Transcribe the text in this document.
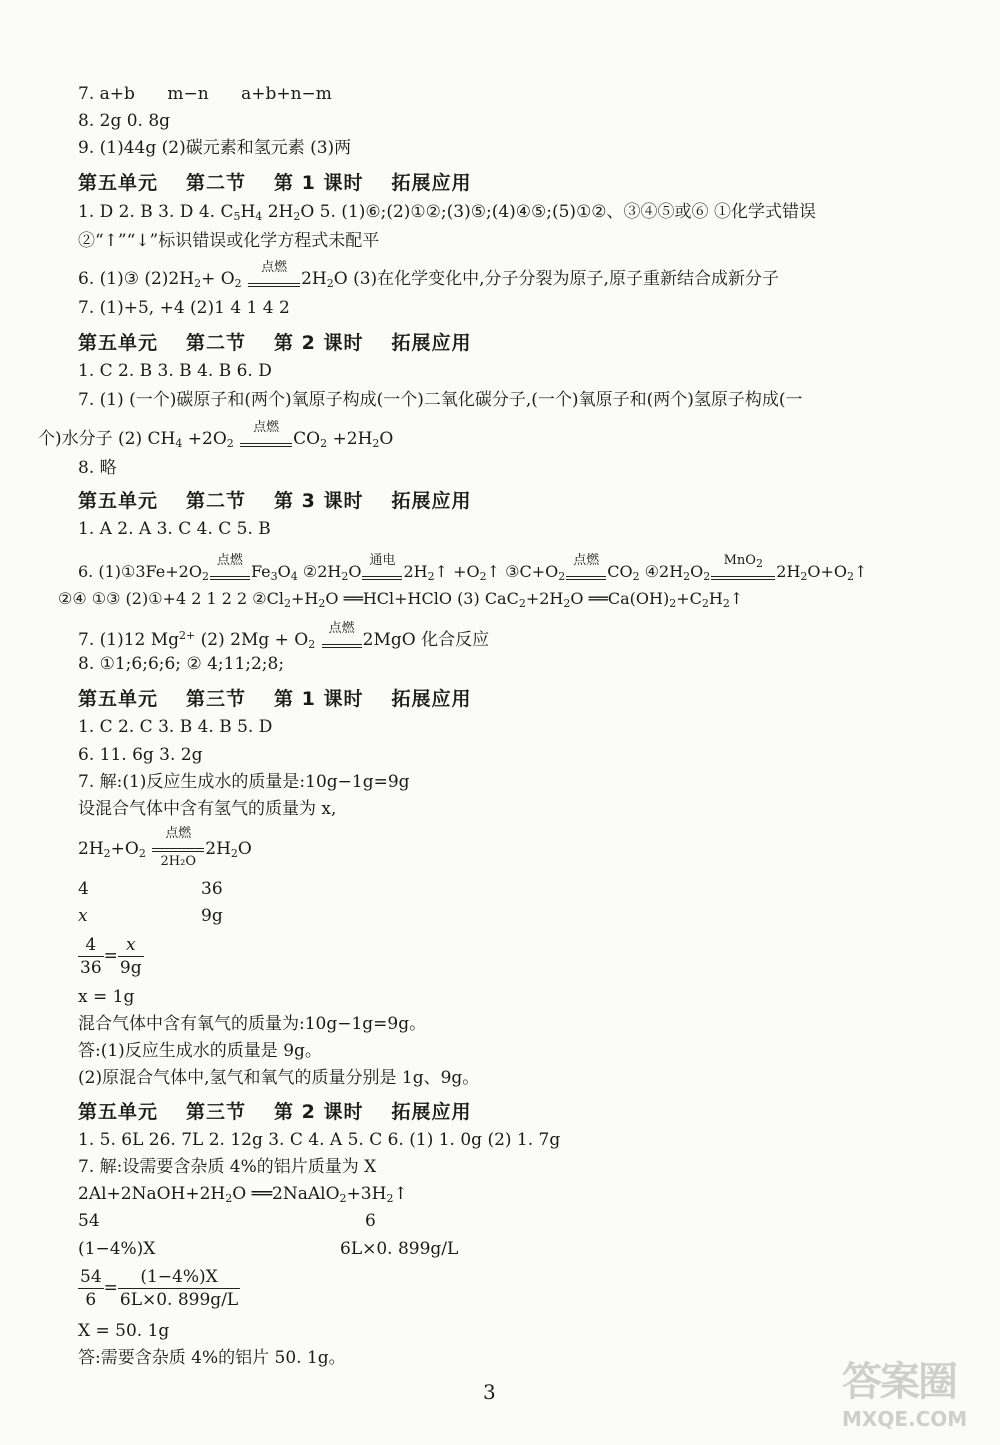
7. a+b m−n a+b+n−m
8. 2g 0. 8g
9. (1)44g (2)碳元素和氢元素 (3)两
第五单元 第二节 第 1 课时 拓展应用
1. D 2. B 3. D 4. $C_5H_4$ $2H_2O$ 5. (1)⑥;(2)①②;(3)⑤;(4)④⑤;(5)①②、③④⑤或⑥ ①化学式错误
②“↑”“↓”标识错误或化学方程式未配平
6. (1)③ $(2)2H_2+ O_2$
点燃
$2H_2O$ (3)在化学变化中,分子分裂为原子,原子重新结合成新分子
7. (1)+5, +4 (2)1 4 1 4 2
第五单元 第二节 第 2 课时 拓展应用
1. C 2. B 3. B 4. B 6. D
7. (1) (一个)碳原子和(两个)氧原子构成(一个)二氧化碳分子,(一个)氧原子和(两个)氢原子构成(一
个)水分子 (2) $CH_4 +2O_2$
点燃
$CO_2 +2H_2O$
8. 略
第五单元 第二节 第 3 课时 拓展应用
1. A 2. A 3. C 4. C 5. B
6. $(1)①3Fe+2O_2$
点燃
$Fe_3O_4$ $②2H_2O$
通电
$2H_2↑$ $+O_2↑$ $③C+O_2$
点燃
$CO_2$ $④2H_2O_2$
MnO$_2$ $2H_2O+O_2↑$
②④ ①③ (2)①+4 2 1 2 2 $②Cl_2+H_2O$ ══HCl+HClO (3) $CaC_2+2H_2O$ $══Ca(OH)_2+C_2H_2↑$
7. (1)12 $Mg^{2+}$ (2) $2Mg + O_2$
点燃
2MgO 化合反应
8. ①1;6;6;6; ② 4;11;2;8;
第五单元 第三节 第 1 课时 拓展应用
1. C 2. C 3. B 4. B 5. D
6. 11. 6g 3. 2g
7. 解:(1)反应生成水的质量是:10g−1g=9g
设混合气体中含有氢气的质量为 x,
$2H_2+O_2$
点燃
2H₂O
$2H_2O$
4	36
x	9g
$\frac{4}{36} = \frac{x}{9g}$
x = 1g
混合气体中含有氧气的质量为:10g−1g=9g。
答:(1)反应生成水的质量是 9g。
(2)原混合气体中,氢气和氧气的质量分别是 1g、9g。
第五单元 第三节 第 2 课时 拓展应用
1. 5. 6L 26. 7L 2. 12g 3. C 4. A 5. C 6. (1) 1. 0g (2) 1. 7g
7. 解:设需要含杂质 4%的铝片质量为 X
$2Al+2NaOH+2H_2O$ $══2NaAlO_2+3H_2↑$
54	6
(1−4%)X	6L×0. 899g/L
$\frac{54}{6} = \frac{(1-4\%)X}{6L\times 0. 899g/L}$
X = 50. 1g
答:需要含杂质 4%的铝片 50. 1g。
3	答案圈
MXQE.COM
